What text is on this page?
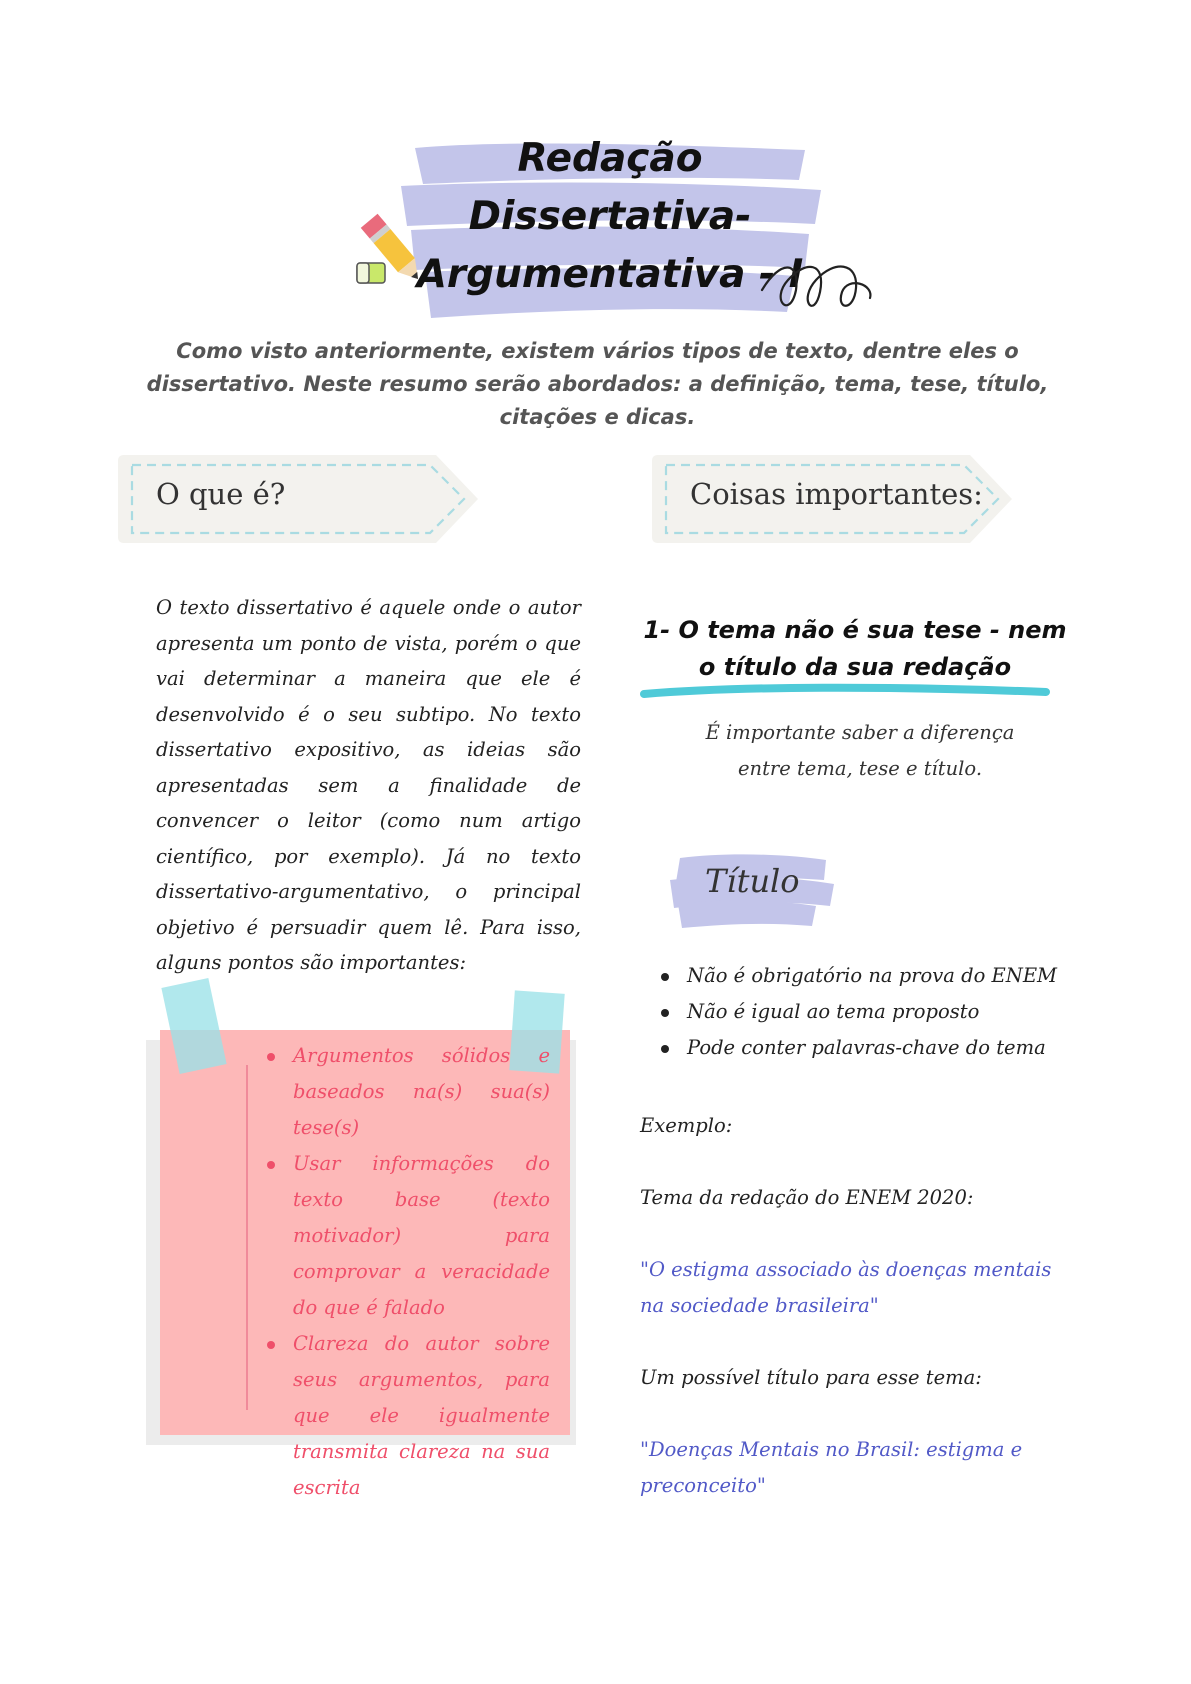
Redação
Dissertativa-
Argumentativa - I
Como visto anteriormente, existem vários tipos de texto, dentre eles o dissertativo. Neste resumo serão abordados: a definição, tema, tese, título, citações e dicas.
O que é?	Coisas importantes:
O texto dissertativo é aquele onde o autor apresenta um ponto de vista, porém o que vai determinar a maneira que ele é desenvolvido é o seu subtipo. No texto dissertativo expositivo, as ideias são apresentadas sem a finalidade de convencer o leitor (como num artigo científico, por exemplo). Já no texto dissertativo-argumentativo, o principal objetivo é persuadir quem lê. Para isso, alguns pontos são importantes:
Argumentos sólidos e baseados na(s) sua(s) tese(s)
Usar informações do texto base (texto motivador) para comprovar a veracidade do que é falado
Clareza do autor sobre seus argumentos, para que ele igualmente transmita clareza na sua escrita
1- O tema não é sua tese - nem o título da sua redação
É importante saber a diferença entre tema, tese e título.
Título
Não é obrigatório na prova do ENEM
Não é igual ao tema proposto
Pode conter palavras-chave do tema
Exemplo:
Tema da redação do ENEM 2020:
"O estigma associado às doenças mentais na sociedade brasileira"
Um possível título para esse tema:
"Doenças Mentais no Brasil: estigma e preconceito"
